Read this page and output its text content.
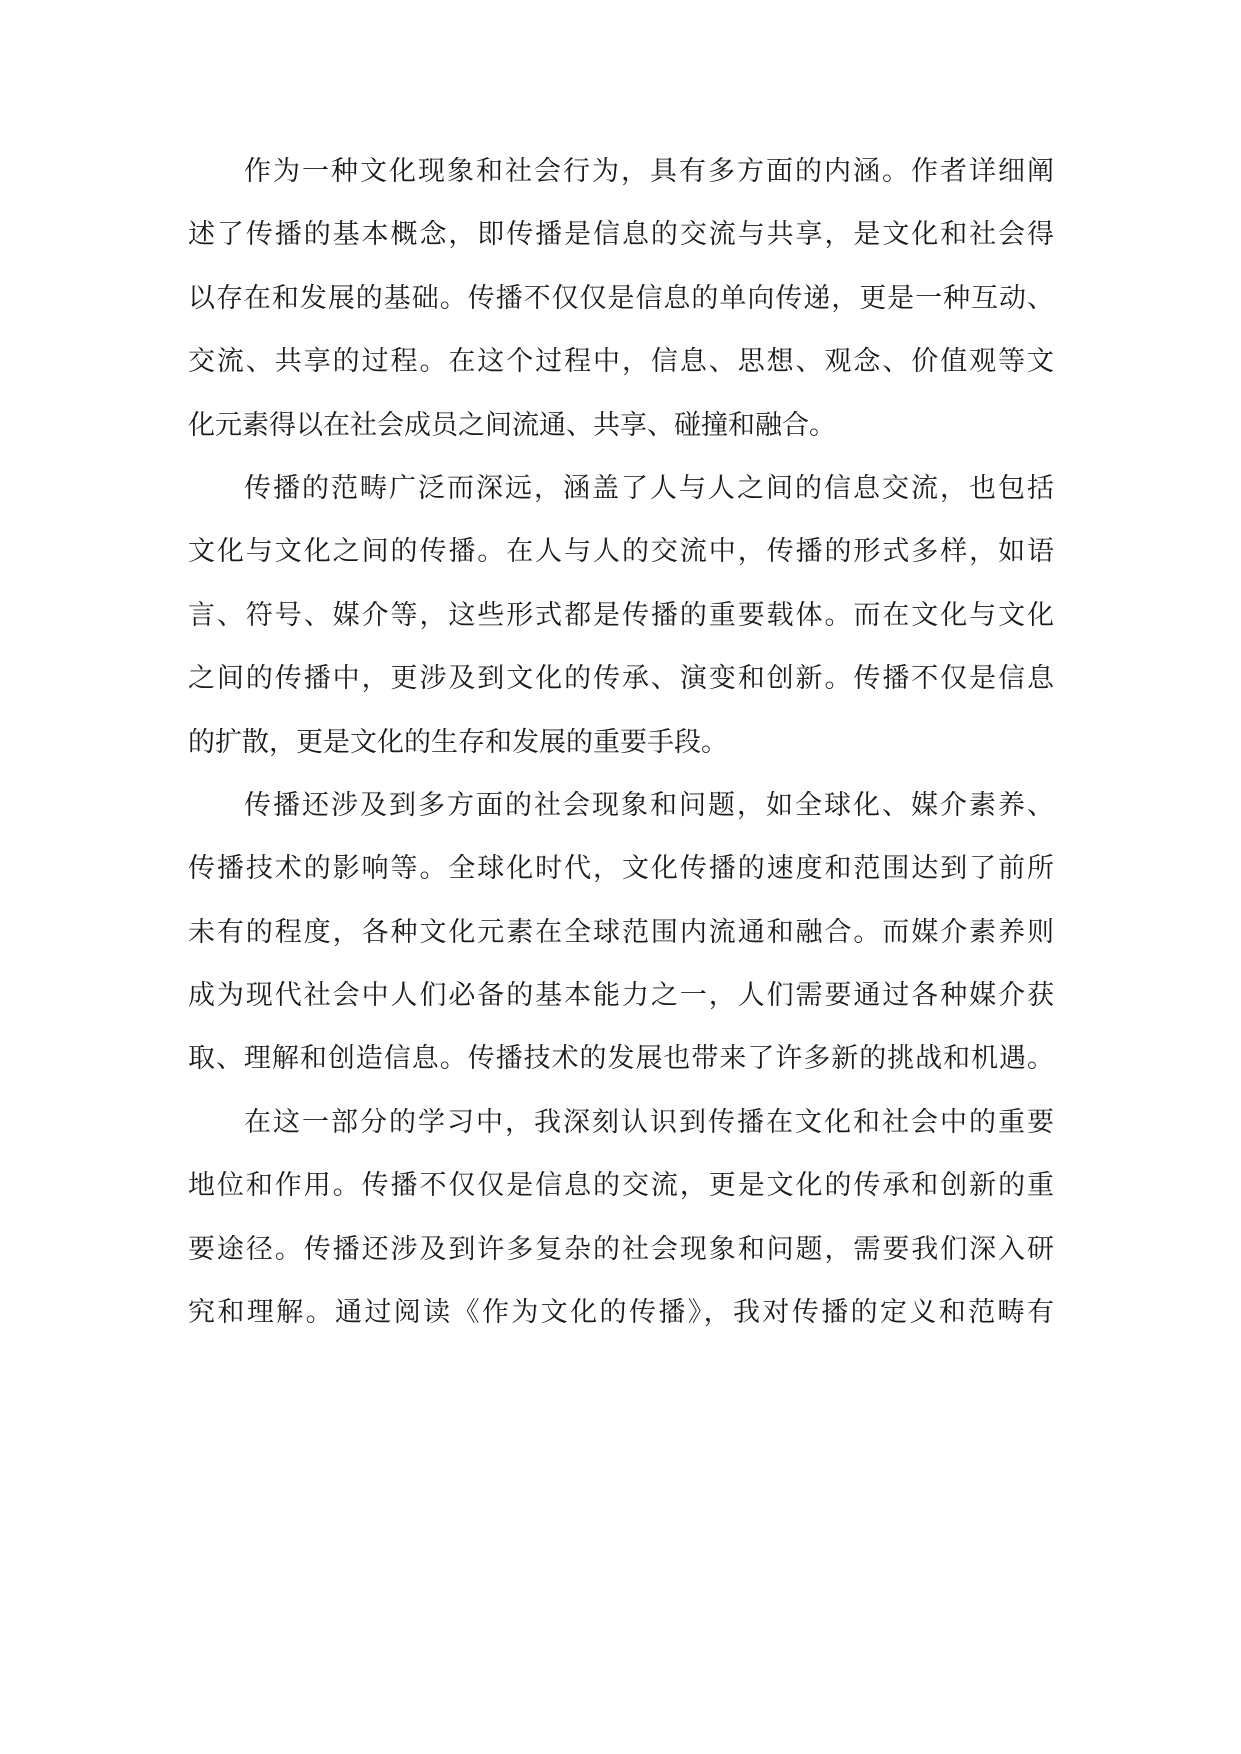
作为一种文化现象和社会行为，具有多方面的内涵。作者详细阐
述了传播的基本概念，即传播是信息的交流与共享，是文化和社会得
以存在和发展的基础。传播不仅仅是信息的单向传递，更是一种互动、
交流、共享的过程。在这个过程中，信息、思想、观念、价值观等文
化元素得以在社会成员之间流通、共享、碰撞和融合。
传播的范畴广泛而深远，涵盖了人与人之间的信息交流，也包括
文化与文化之间的传播。在人与人的交流中，传播的形式多样，如语
言、符号、媒介等，这些形式都是传播的重要载体。而在文化与文化
之间的传播中，更涉及到文化的传承、演变和创新。传播不仅是信息
的扩散，更是文化的生存和发展的重要手段。
传播还涉及到多方面的社会现象和问题，如全球化、媒介素养、
传播技术的影响等。全球化时代，文化传播的速度和范围达到了前所
未有的程度，各种文化元素在全球范围内流通和融合。而媒介素养则
成为现代社会中人们必备的基本能力之一，人们需要通过各种媒介获
取、理解和创造信息。传播技术的发展也带来了许多新的挑战和机遇。
在这一部分的学习中，我深刻认识到传播在文化和社会中的重要
地位和作用。传播不仅仅是信息的交流，更是文化的传承和创新的重
要途径。传播还涉及到许多复杂的社会现象和问题，需要我们深入研
究和理解。通过阅读《作为文化的传播》，我对传播的定义和范畴有
